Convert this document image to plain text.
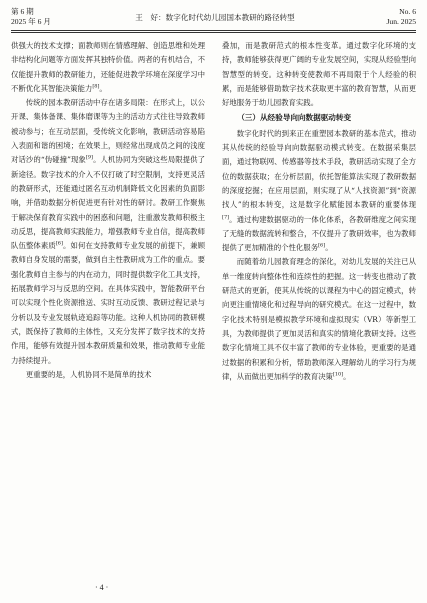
第 6 期
2025 年 6 月	王　好：数字化时代幼儿园国本教研的路径转型
No. 6
Jun. 2025

供强大的技术支撑；面教师则在情感理解、创造思维和处理非结构化问题等方面发挥其独特价值。两者的有机结合，不仅能提升教师的教研能力，还能促进教学环境在深度学习中不断优化其智能决策能力[8]。

传统的园本教研活动中存在诸多局限：在形式上，以公开课、集体备课、集体磨课等为主的活动方式往往导致教师被动参与；在互动层面，受传统文化影响，教研活动容易陷入表面和谐的困境；在效果上，则经常出现成员之间的浅度对话沙的“伪碰撞”现象[9]。人机协同为突破这些局限提供了新途径。数字技术的介入不仅打破了时空限制，支持更灵活的教研形式，还能通过匿名互动机制降低文化因素的负面影响，并借助数据分析促进更有针对性的研讨。教研工作聚焦于解决保育教育实践中的困惑和问题，注重激发教师积极主动反思，提高教师实践能力，增强教师专业自信，提高教师队伍整体素质[6]。如何在支持教师专业发展的前提下，兼顾教师自身发展的需要，做到自主性教研成为工作的重点。要强化教师自主参与的内在动力，同时提供数字化工具支持，拓展教师学习与反思的空间。在具体实践中，智能教研平台可以实现个性化资源推送、实时互动反馈、教研过程记录与分析以及专业发展轨迹追踪等功能。这种人机协同的教研模式，既保持了教师的主体性，又充分发挥了数字技术的支持作用，能够有效提升园本教研质量和效果，推动教师专业能力持续提升。

更重要的是，人机协同不是简单的技术

叠加，而是教研范式的根本性变革。通过数字化环境的支持，教师能够获得更广阔的专业发展空间，实现从经验型向智慧型的转变。这种转变使教师不再局限于个人经验的积累，而是能够借助数字技术获取更丰富的教育智慧，从而更好地服务于幼儿园教育实践。

（三）从经验导向向数据驱动转变

数字化时代的到来正在重塑园本教研的基本范式，推动其从传统的经验导向向数据驱动模式转变。在数据采集层面，通过物联网、传感器等技术手段，教研活动实现了全方位的数据获取；在分析层面，依托智能算法实现了教研数据的深度挖掘；在应用层面，则实现了从“人找资源”到“资源找人”的根本转变，这是数字化赋能园本教研的重要体现[7]。通过构建数据驱动的一体化体系，各教研维度之间实现了无缝的数据流转和整合，不仅提升了教研效率，也为教师提供了更加精准的个性化服务[6]。

而随着幼儿园教育理念的深化，对幼儿发展的关注已从单一维度转向整体性和连续性的把握。这一转变也推动了教研范式的更新，使其从传统的以课程为中心的固定模式，转向更注重情境化和过程导向的研究模式。在这一过程中，数字化技术特别是模拟教学环境和虚拟现实（VR）等新型工具，为教师提供了更加灵活和真实的情境化教研支持。这些数字化情境工具不仅丰富了教师的专业体验，更重要的是通过数据的积累和分析，帮助教师深入理解幼儿的学习行为规律，从而做出更加科学的教育决策[10]。

· 4 ·
